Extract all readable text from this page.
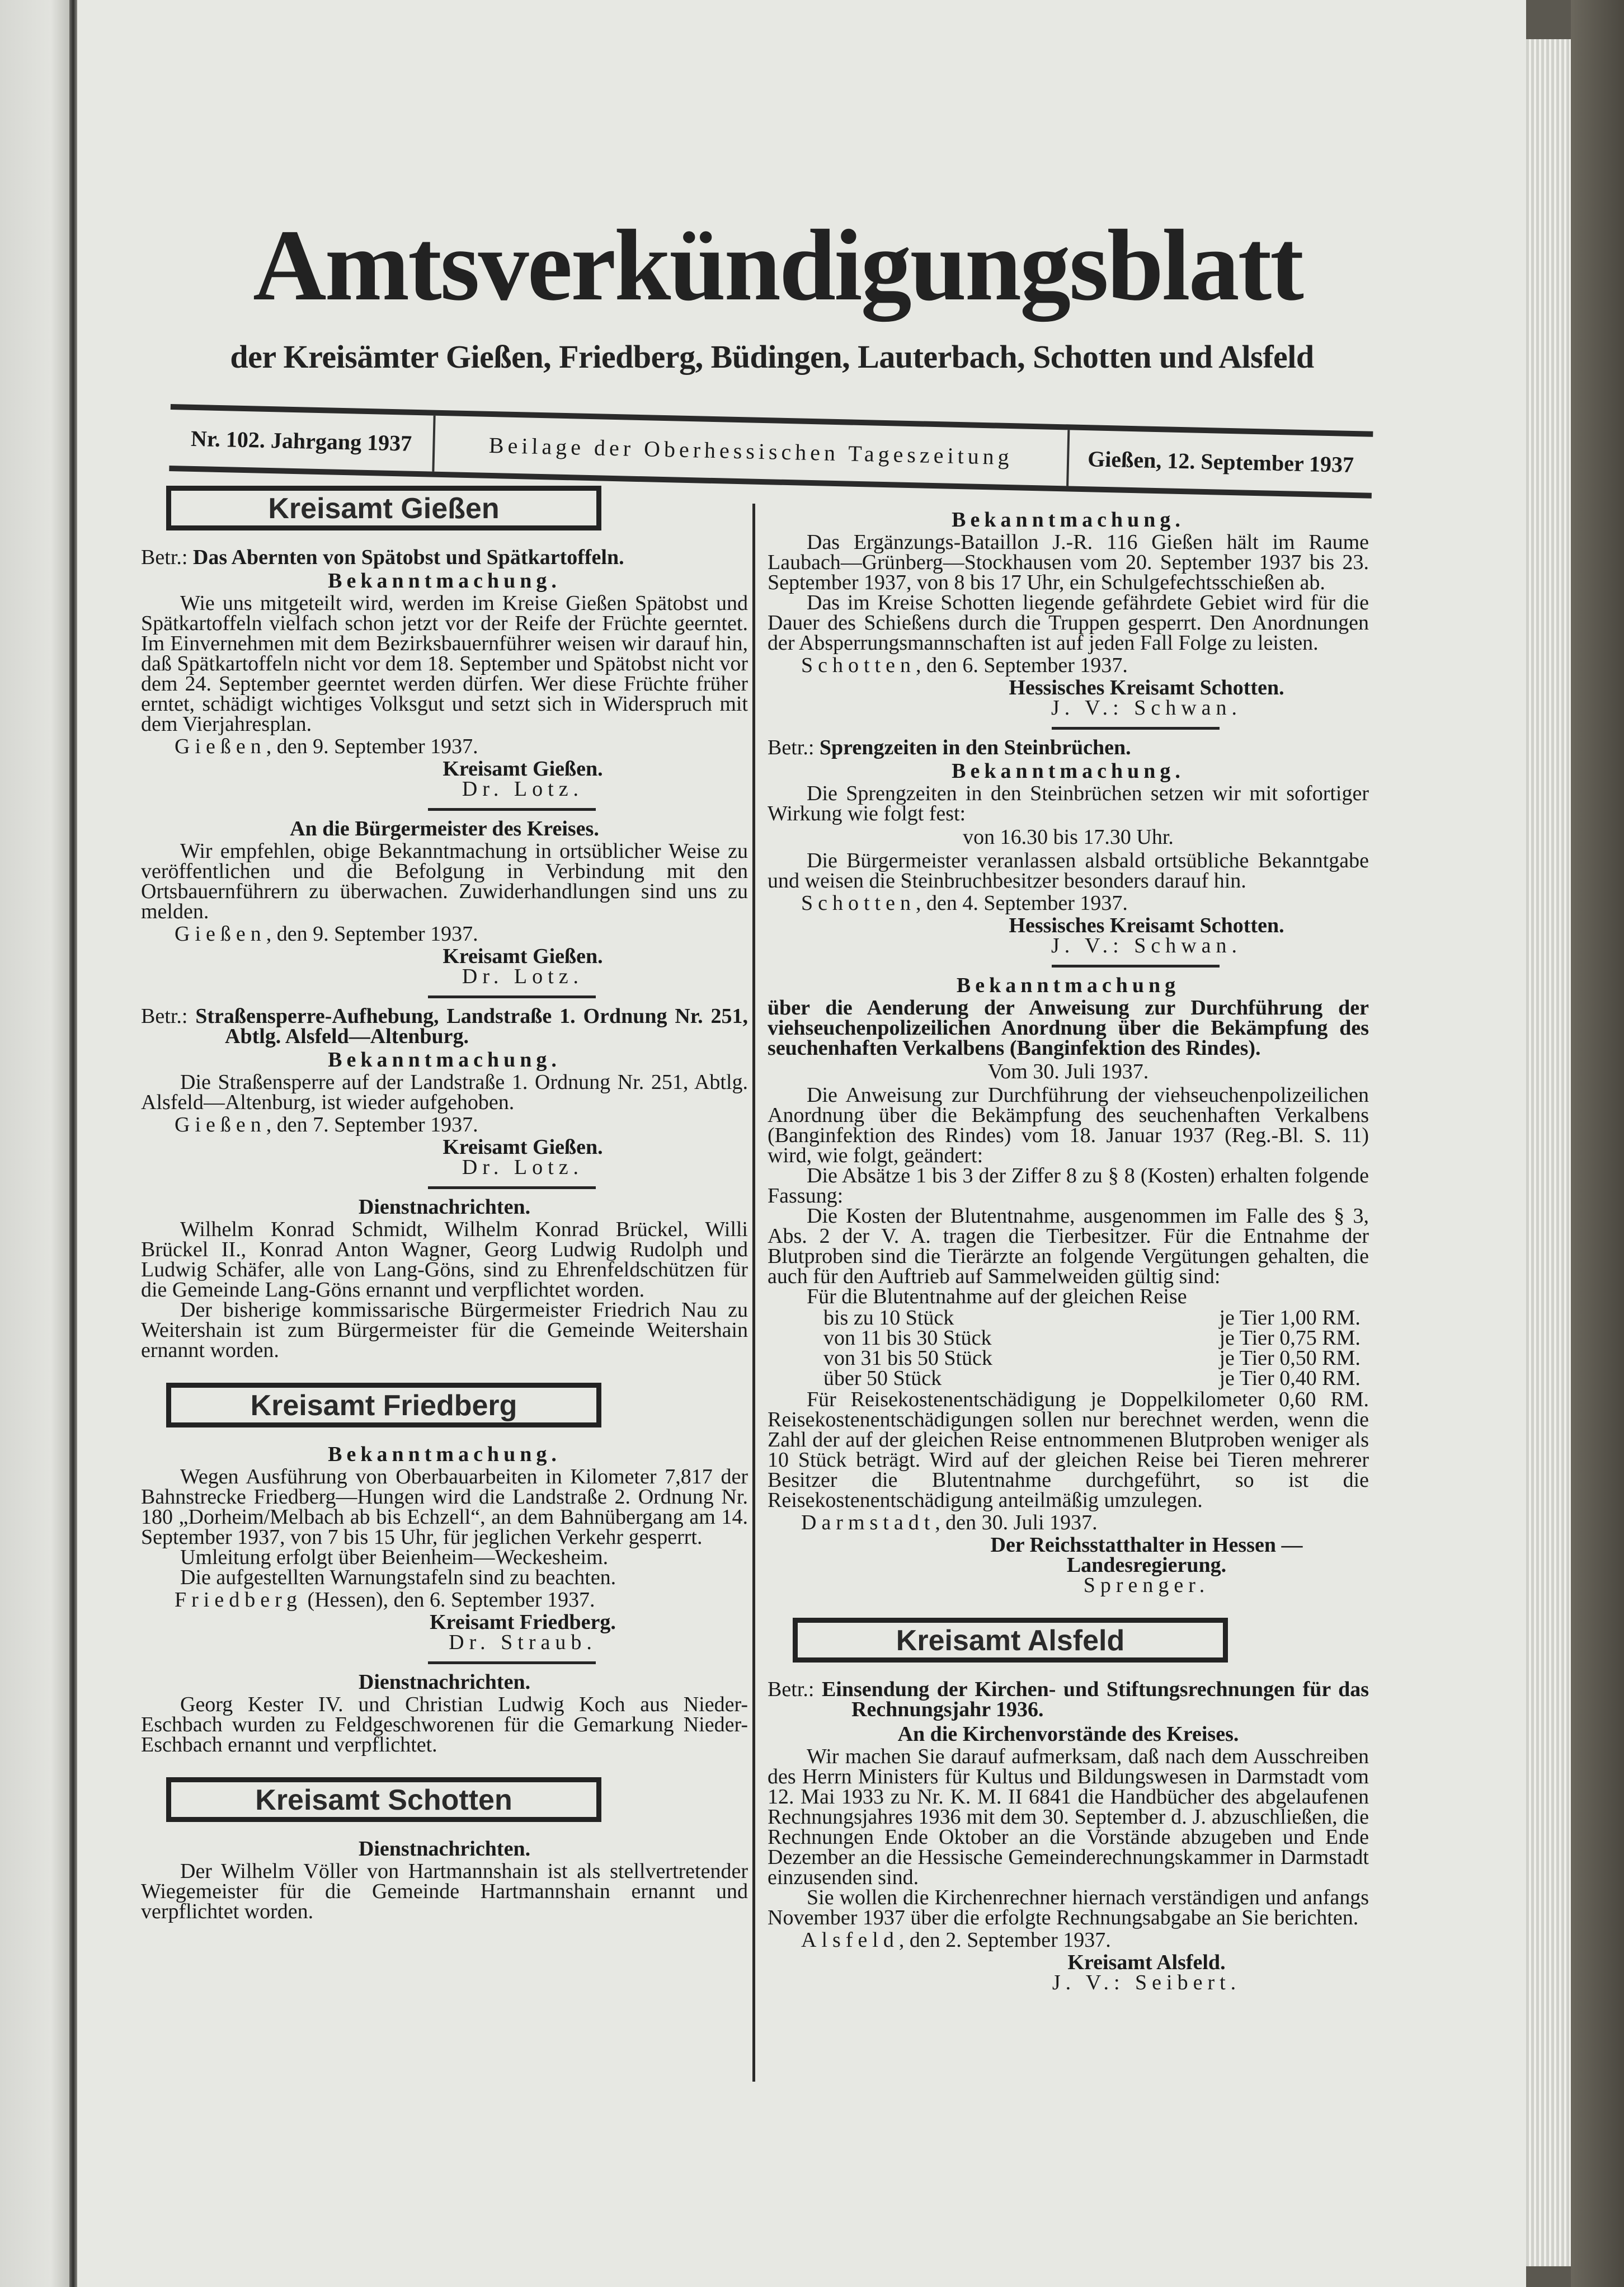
Amtsverkündigungsblatt
der Kreisämter Gießen, Friedberg, Büdingen, Lauterbach, Schotten und Alsfeld
Nr. 102. Jahrgang 1937	Beilage der Oberhessischen Tageszeitung	Gießen, 12. September 1937
Kreisamt Gießen
Betr.: Das Abernten von Spätobst und Spätkartoffeln.
Bekanntmachung.
Wie uns mitgeteilt wird, werden im Kreise Gießen Spätobst und Spätkartoffeln vielfach schon jetzt vor der Reife der Früchte geerntet. Im Einvernehmen mit dem Bezirksbauernführer weisen wir darauf hin, daß Spätkartoffeln nicht vor dem 18. September und Spätobst nicht vor dem 24. September geerntet werden dürfen. Wer diese Früchte früher erntet, schädigt wichtiges Volksgut und setzt sich in Widerspruch mit dem Vierjahresplan.
Gießen, den 9. September 1937.
Kreisamt Gießen.
Dr. Lotz.
An die Bürgermeister des Kreises.
Wir empfehlen, obige Bekanntmachung in ortsüblicher Weise zu veröffentlichen und die Befolgung in Verbindung mit den Ortsbauernführern zu überwachen. Zuwiderhandlungen sind uns zu melden.
Gießen, den 9. September 1937.
Kreisamt Gießen.
Dr. Lotz.
Betr.: Straßensperre-Aufhebung, Landstraße 1. Ordnung Nr. 251, Abtlg. Alsfeld—Altenburg.
Bekanntmachung.
Die Straßensperre auf der Landstraße 1. Ordnung Nr. 251, Abtlg. Alsfeld—Altenburg, ist wieder aufgehoben.
Gießen, den 7. September 1937.
Kreisamt Gießen.
Dr. Lotz.
Dienstnachrichten.
Wilhelm Konrad Schmidt, Wilhelm Konrad Brückel, Willi Brückel II., Konrad Anton Wagner, Georg Ludwig Rudolph und Ludwig Schäfer, alle von Lang-Göns, sind zu Ehrenfeldschützen für die Gemeinde Lang-Göns ernannt und verpflichtet worden.
Der bisherige kommissarische Bürgermeister Friedrich Nau zu Weitershain ist zum Bürgermeister für die Gemeinde Weitershain ernannt worden.
Kreisamt Friedberg
Bekanntmachung.
Wegen Ausführung von Oberbauarbeiten in Kilometer 7,817 der Bahnstrecke Friedberg—Hungen wird die Landstraße 2. Ordnung Nr. 180 „Dorheim/Melbach ab bis Echzell“, an dem Bahnübergang am 14. September 1937, von 7 bis 15 Uhr, für jeglichen Verkehr gesperrt.
Umleitung erfolgt über Beienheim—Weckesheim.
Die aufgestellten Warnungstafeln sind zu beachten.
Friedberg (Hessen), den 6. September 1937.
Kreisamt Friedberg.
Dr. Straub.
Dienstnachrichten.
Georg Kester IV. und Christian Ludwig Koch aus Nieder-Eschbach wurden zu Feldgeschworenen für die Gemarkung Nieder-Eschbach ernannt und verpflichtet.
Kreisamt Schotten
Dienstnachrichten.
Der Wilhelm Völler von Hartmannshain ist als stellvertretender Wiegemeister für die Gemeinde Hartmannshain ernannt und verpflichtet worden.
Bekanntmachung.
Das Ergänzungs-Bataillon J.-R. 116 Gießen hält im Raume Laubach—Grünberg—Stockhausen vom 20. September 1937 bis 23. September 1937, von 8 bis 17 Uhr, ein Schulgefechtsschießen ab.
Das im Kreise Schotten liegende gefährdete Gebiet wird für die Dauer des Schießens durch die Truppen gesperrt. Den Anordnungen der Absperrungsmannschaften ist auf jeden Fall Folge zu leisten.
Schotten, den 6. September 1937.
Hessisches Kreisamt Schotten.
J. V.: Schwan.
Betr.: Sprengzeiten in den Steinbrüchen.
Bekanntmachung.
Die Sprengzeiten in den Steinbrüchen setzen wir mit sofortiger Wirkung wie folgt fest:
von 16.30 bis 17.30 Uhr.
Die Bürgermeister veranlassen alsbald ortsübliche Bekanntgabe und weisen die Steinbruchbesitzer besonders darauf hin.
Schotten, den 4. September 1937.
Hessisches Kreisamt Schotten.
J. V.: Schwan.
Bekanntmachung
über die Aenderung der Anweisung zur Durchführung der viehseuchenpolizeilichen Anordnung über die Bekämpfung des seuchenhaften Verkalbens (Banginfektion des Rindes).
Vom 30. Juli 1937.
Die Anweisung zur Durchführung der viehseuchenpolizeilichen Anordnung über die Bekämpfung des seuchenhaften Verkalbens (Banginfektion des Rindes) vom 18. Januar 1937 (Reg.-Bl. S. 11) wird, wie folgt, geändert:
Die Absätze 1 bis 3 der Ziffer 8 zu § 8 (Kosten) erhalten folgende Fassung:
Die Kosten der Blutentnahme, ausgenommen im Falle des § 3, Abs. 2 der V. A. tragen die Tierbesitzer. Für die Entnahme der Blutproben sind die Tierärzte an folgende Vergütungen gehalten, die auch für den Auftrieb auf Sammelweiden gültig sind:
Für die Blutentnahme auf der gleichen Reise
bis zu 10 Stück	je Tier 1,00 RM.
von 11 bis 30 Stück	je Tier 0,75 RM.
von 31 bis 50 Stück	je Tier 0,50 RM.
über 50 Stück	je Tier 0,40 RM.
Für Reisekostenentschädigung je Doppelkilometer 0,60 RM. Reisekostenentschädigungen sollen nur berechnet werden, wenn die Zahl der auf der gleichen Reise entnommenen Blutproben weniger als 10 Stück beträgt. Wird auf der gleichen Reise bei Tieren mehrerer Besitzer die Blutentnahme durchgeführt, so ist die Reisekostenentschädigung anteilmäßig umzulegen.
Darmstadt, den 30. Juli 1937.
Der Reichsstatthalter in Hessen — Landesregierung.
Sprenger.
Kreisamt Alsfeld
Betr.: Einsendung der Kirchen- und Stiftungsrechnungen für das Rechnungsjahr 1936.
An die Kirchenvorstände des Kreises.
Wir machen Sie darauf aufmerksam, daß nach dem Ausschreiben des Herrn Ministers für Kultus und Bildungswesen in Darmstadt vom 12. Mai 1933 zu Nr. K. M. II 6841 die Handbücher des abgelaufenen Rechnungsjahres 1936 mit dem 30. September d. J. abzuschließen, die Rechnungen Ende Oktober an die Vorstände abzugeben und Ende Dezember an die Hessische Gemeinderechnungskammer in Darmstadt einzusenden sind.
Sie wollen die Kirchenrechner hiernach verständigen und anfangs November 1937 über die erfolgte Rechnungsabgabe an Sie berichten.
Alsfeld, den 2. September 1937.
Kreisamt Alsfeld.
J. V.: Seibert.
